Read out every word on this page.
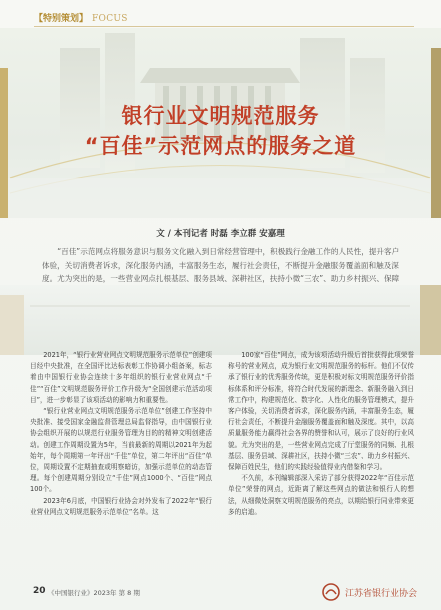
【特别策划】 FOCUS
银行业文明规范服务
“百佳”示范网点的服务之道
文 / 本刊记者 时磊 李立群 安嘉理

“百佳”示范网点将服务意识与服务文化融入到日常经营管理中，积极践行金融工作的人民性，提升客户体验，关切消费者诉求，深化服务内涵，丰富服务生态，履行社会责任，不断提升金融服务覆盖面和触及深度。尤为突出的是，一些营业网点扎根基层、服务县域、深耕社区，扶持小微“三农”、助力乡村振兴、保障

2021年，“银行业营业网点文明规范服务示范单位”创建项目经中央批准，在全国评比达标表彰工作协调小组备案，标志着由中国银行业协会连续十多年组织的银行业营业网点“千佳”“百佳”文明规范服务评价工作升级为“全国创建示范活动项目”，进一步彰显了该项活动的影响力和重要性。

“银行业营业网点文明规范服务示范单位”创建工作坚持中央批准、接受国家金融监督管理总局监督指导，由中国银行业协会组织开展的以规范行业服务管理为目的的精神文明创建活动。创建工作周期设置为5年，当前最新的周期以2021年为起始年，每个周期第一年评出“千佳”单位，第二年评出“百佳”单位，周期设置不定期抽查或明察暗访，加强示范单位的动态管理。每个创建周期分别设立“千佳”网点1000个、“百佳”网点100个。

2023年6月底，中国银行业协会对外发布了2022年“银行业营业网点文明规范服务示范单位”名单。这

100家“百佳”网点，成为该项活动升级后首批获得此项荣誉称号的营业网点，成为银行业文明规范服务的标杆。他们不仅传承了银行业的优秀服务传统，更是积极对标文明规范服务评价指标体系和评分标准，将符合时代发展的新理念、新服务融入到日常工作中，构建规范化、数字化、人性化的服务管理模式，提升客户体验，关切消费者诉求，深化服务内涵，丰富服务生态，履行社会责任，不断提升金融服务覆盖面和触及深度。其中，以高质量服务能力赢得社会各界的赞誉和认可，展示了良好的行业风貌。尤为突出的是，一些营业网点完成了厅堂服务的同频、扎根基层、服务县域、深耕社区，扶持小微“三农”、助力乡村振兴、保障百姓民生，他们的实践经验值得业内借鉴和学习。

不久前，本刊编辑部深入采访了部分获得2022年“百佳示范单位”荣誉的网点，近距离了解这些网点的做法和银行人的想法，从细微处洞察文明规范服务的亮点，以期给银行同业带来更多的启迪。

20 《中国银行业》2023年 第 8 期	江苏省银行业协会
